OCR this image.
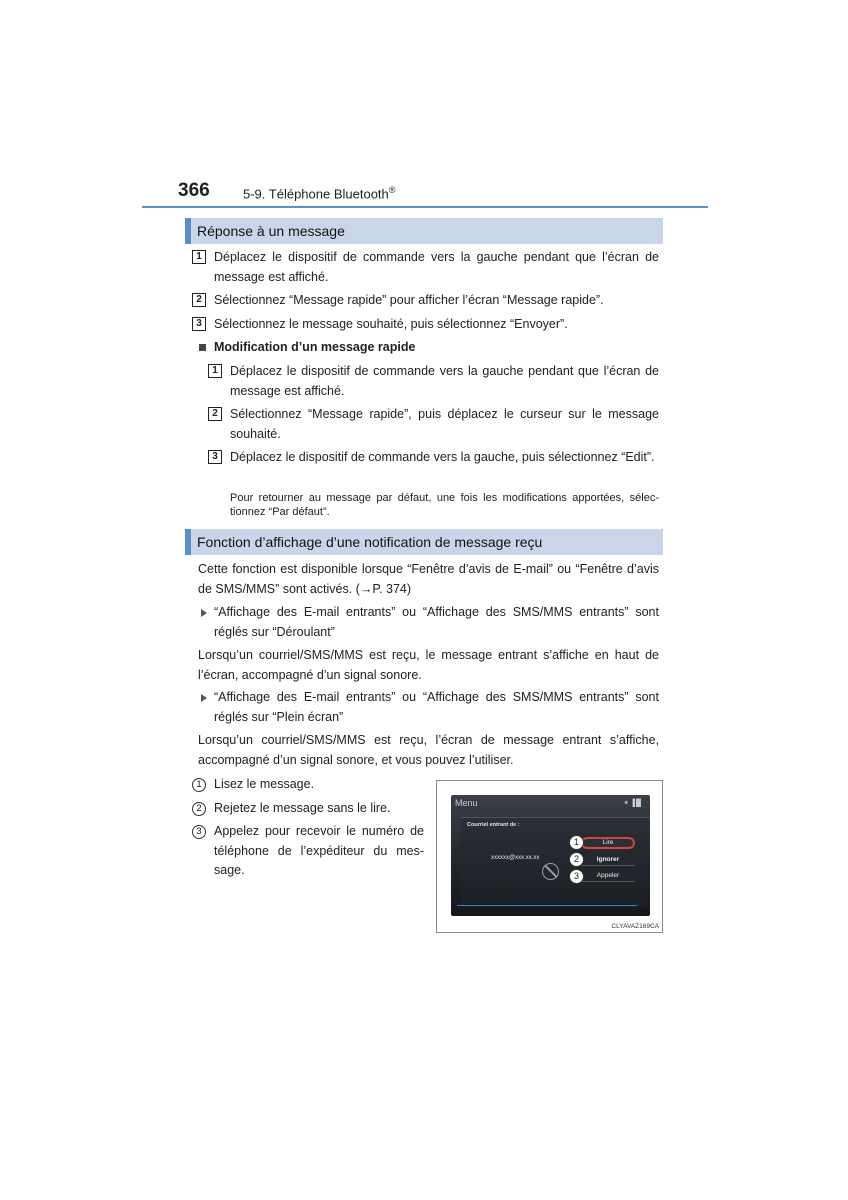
366	5-9. Téléphone Bluetooth®
Réponse à un message
1 Déplacez le dispositif de commande vers la gauche pendant que l’écran de message est affiché.
2 Sélectionnez “Message rapide” pour afficher l’écran “Message rapide”.
3 Sélectionnez le message souhaité, puis sélectionnez “Envoyer”.
Modification d’un message rapide
1 Déplacez le dispositif de commande vers la gauche pendant que l’écran de message est affiché.
2 Sélectionnez “Message rapide”, puis déplacez le curseur sur le message souhaité.
3 Déplacez le dispositif de commande vers la gauche, puis sélectionnez “Edit”.
Pour retourner au message par défaut, une fois les modifications apportées, sélec-tionnez “Par défaut”.
Fonction d’affichage d’une notification de message reçu
Cette fonction est disponible lorsque “Fenêtre d’avis de E-mail” ou “Fenêtre d’avis de SMS/MMS” sont activés. (→P. 374)
“Affichage des E-mail entrants” ou “Affichage des SMS/MMS entrants” sont réglés sur “Déroulant”
Lorsqu’un courriel/SMS/MMS est reçu, le message entrant s’affiche en haut de l’écran, accompagné d’un signal sonore.
“Affichage des E-mail entrants” ou “Affichage des SMS/MMS entrants” sont réglés sur “Plein écran”
Lorsqu’un courriel/SMS/MMS est reçu, l’écran de message entrant s’affiche, accompagné d’un signal sonore, et vous pouvez l’utiliser.
1 Lisez le message.
2 Rejetez le message sans le lire.
3 Appelez pour recevoir le numéro de téléphone de l’expéditeur du mes-sage.
Menu	✶▐█
Courriel entrant de :
xxxxxx@xxx.xx.xx
Lire
Ignorer
Appeler
1
2
3
CLYAVAZ169CA
